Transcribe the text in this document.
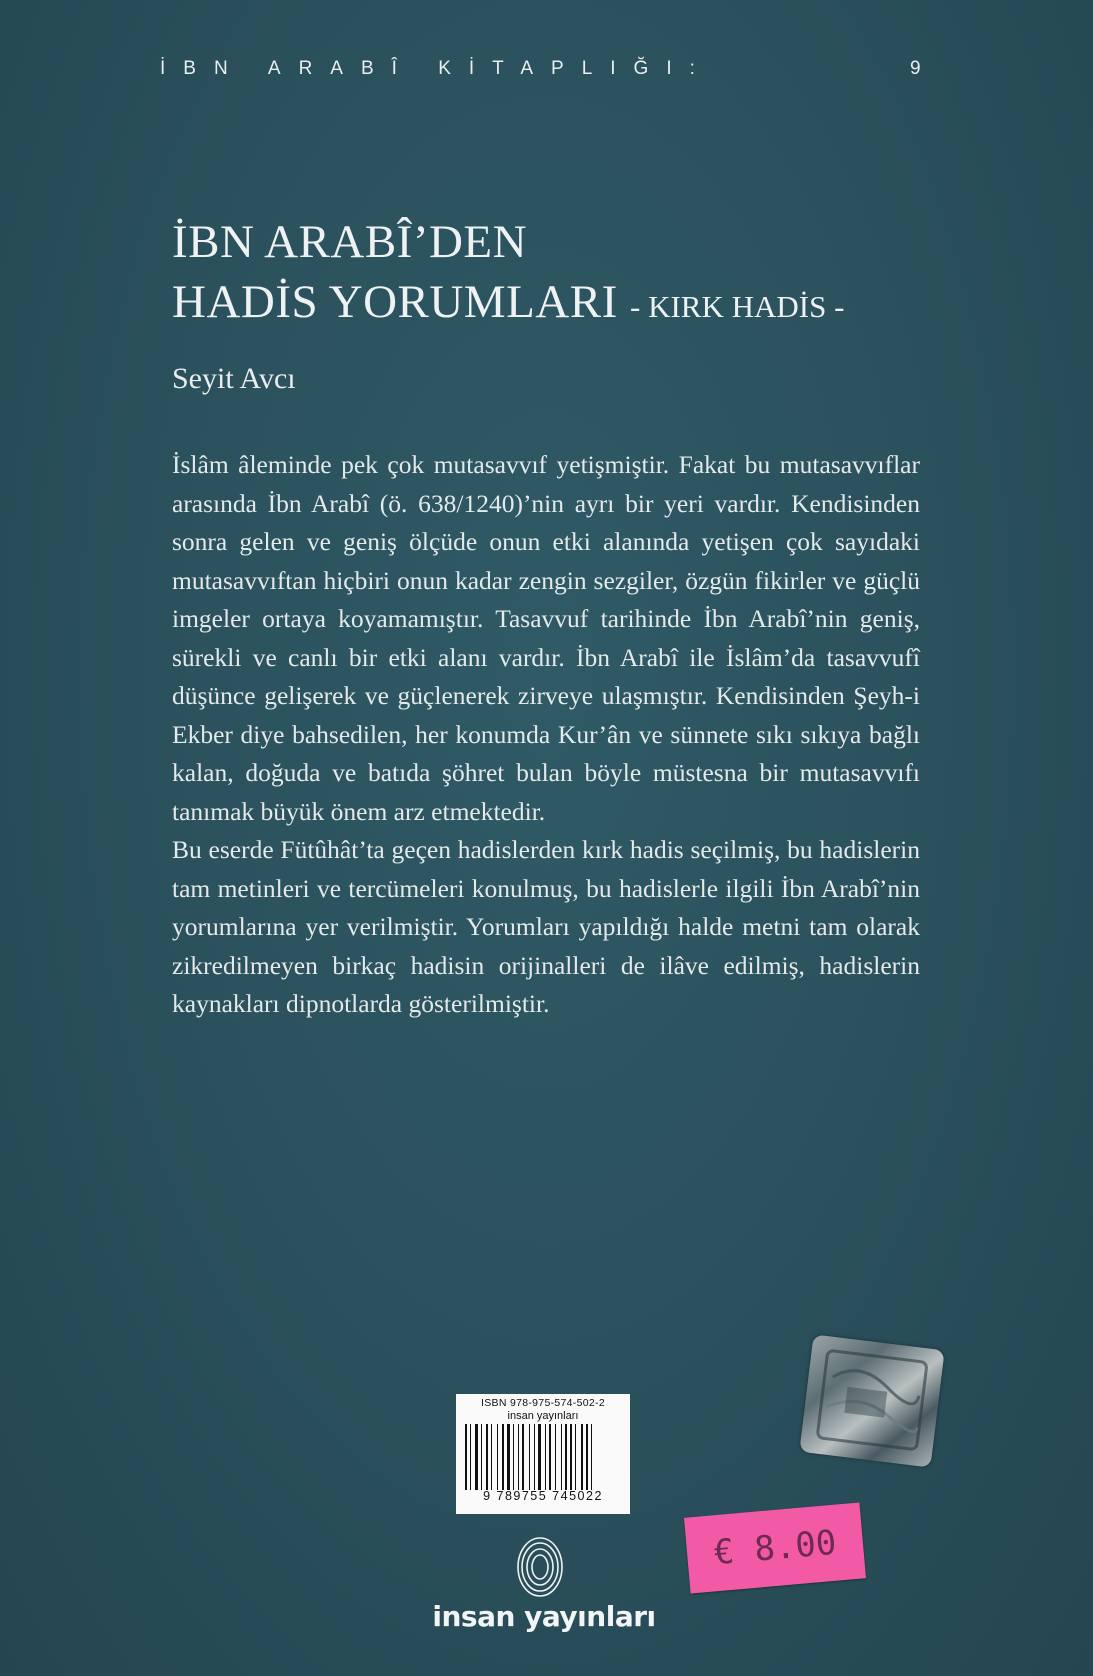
İBN ARABÎ KİTAPLIĞI:	9
İBN ARABÎ’DEN
HADİS YORUMLARI - KIRK HADİS -
Seyit Avcı

İslâm âleminde pek çok mutasavvıf yetişmiştir. Fakat bu mutasavvıflar arasında İbn Arabî (ö. 638/1240)’nin ayrı bir yeri vardır. Kendisinden sonra gelen ve geniş ölçüde onun etki alanında yetişen çok sayıdaki mutasavvıftan hiçbiri onun kadar zengin sezgiler, özgün fikirler ve güçlü imgeler ortaya koyamamıştır. Tasavvuf tarihinde İbn Arabî’nin geniş, sürekli ve canlı bir etki alanı vardır. İbn Arabî ile İslâm’da tasavvufî düşünce gelişerek ve güçlenerek zirveye ulaşmıştır. Kendisinden Şeyh-i Ekber diye bahsedilen, her konumda Kur’ân ve sünnete sıkı sıkıya bağlı kalan, doğuda ve batıda şöhret bulan böyle müstesna bir mutasavvıfı tanımak büyük önem arz etmektedir.

Bu eserde Fütûhât’ta geçen hadislerden kırk hadis seçilmiş, bu hadislerin tam metinleri ve tercümeleri konulmuş, bu hadislerle ilgili İbn Arabî’nin yorumlarına yer verilmiştir. Yorumları yapıldığı halde metni tam olarak zikredilmeyen birkaç hadisin orijinalleri de ilâve edilmiş, hadislerin kaynakları dipnotlarda gösterilmiştir.

ISBN 978-975-574-502-2
insan yayınları
9 789755 745022
€ 8.00
insan yayınları
